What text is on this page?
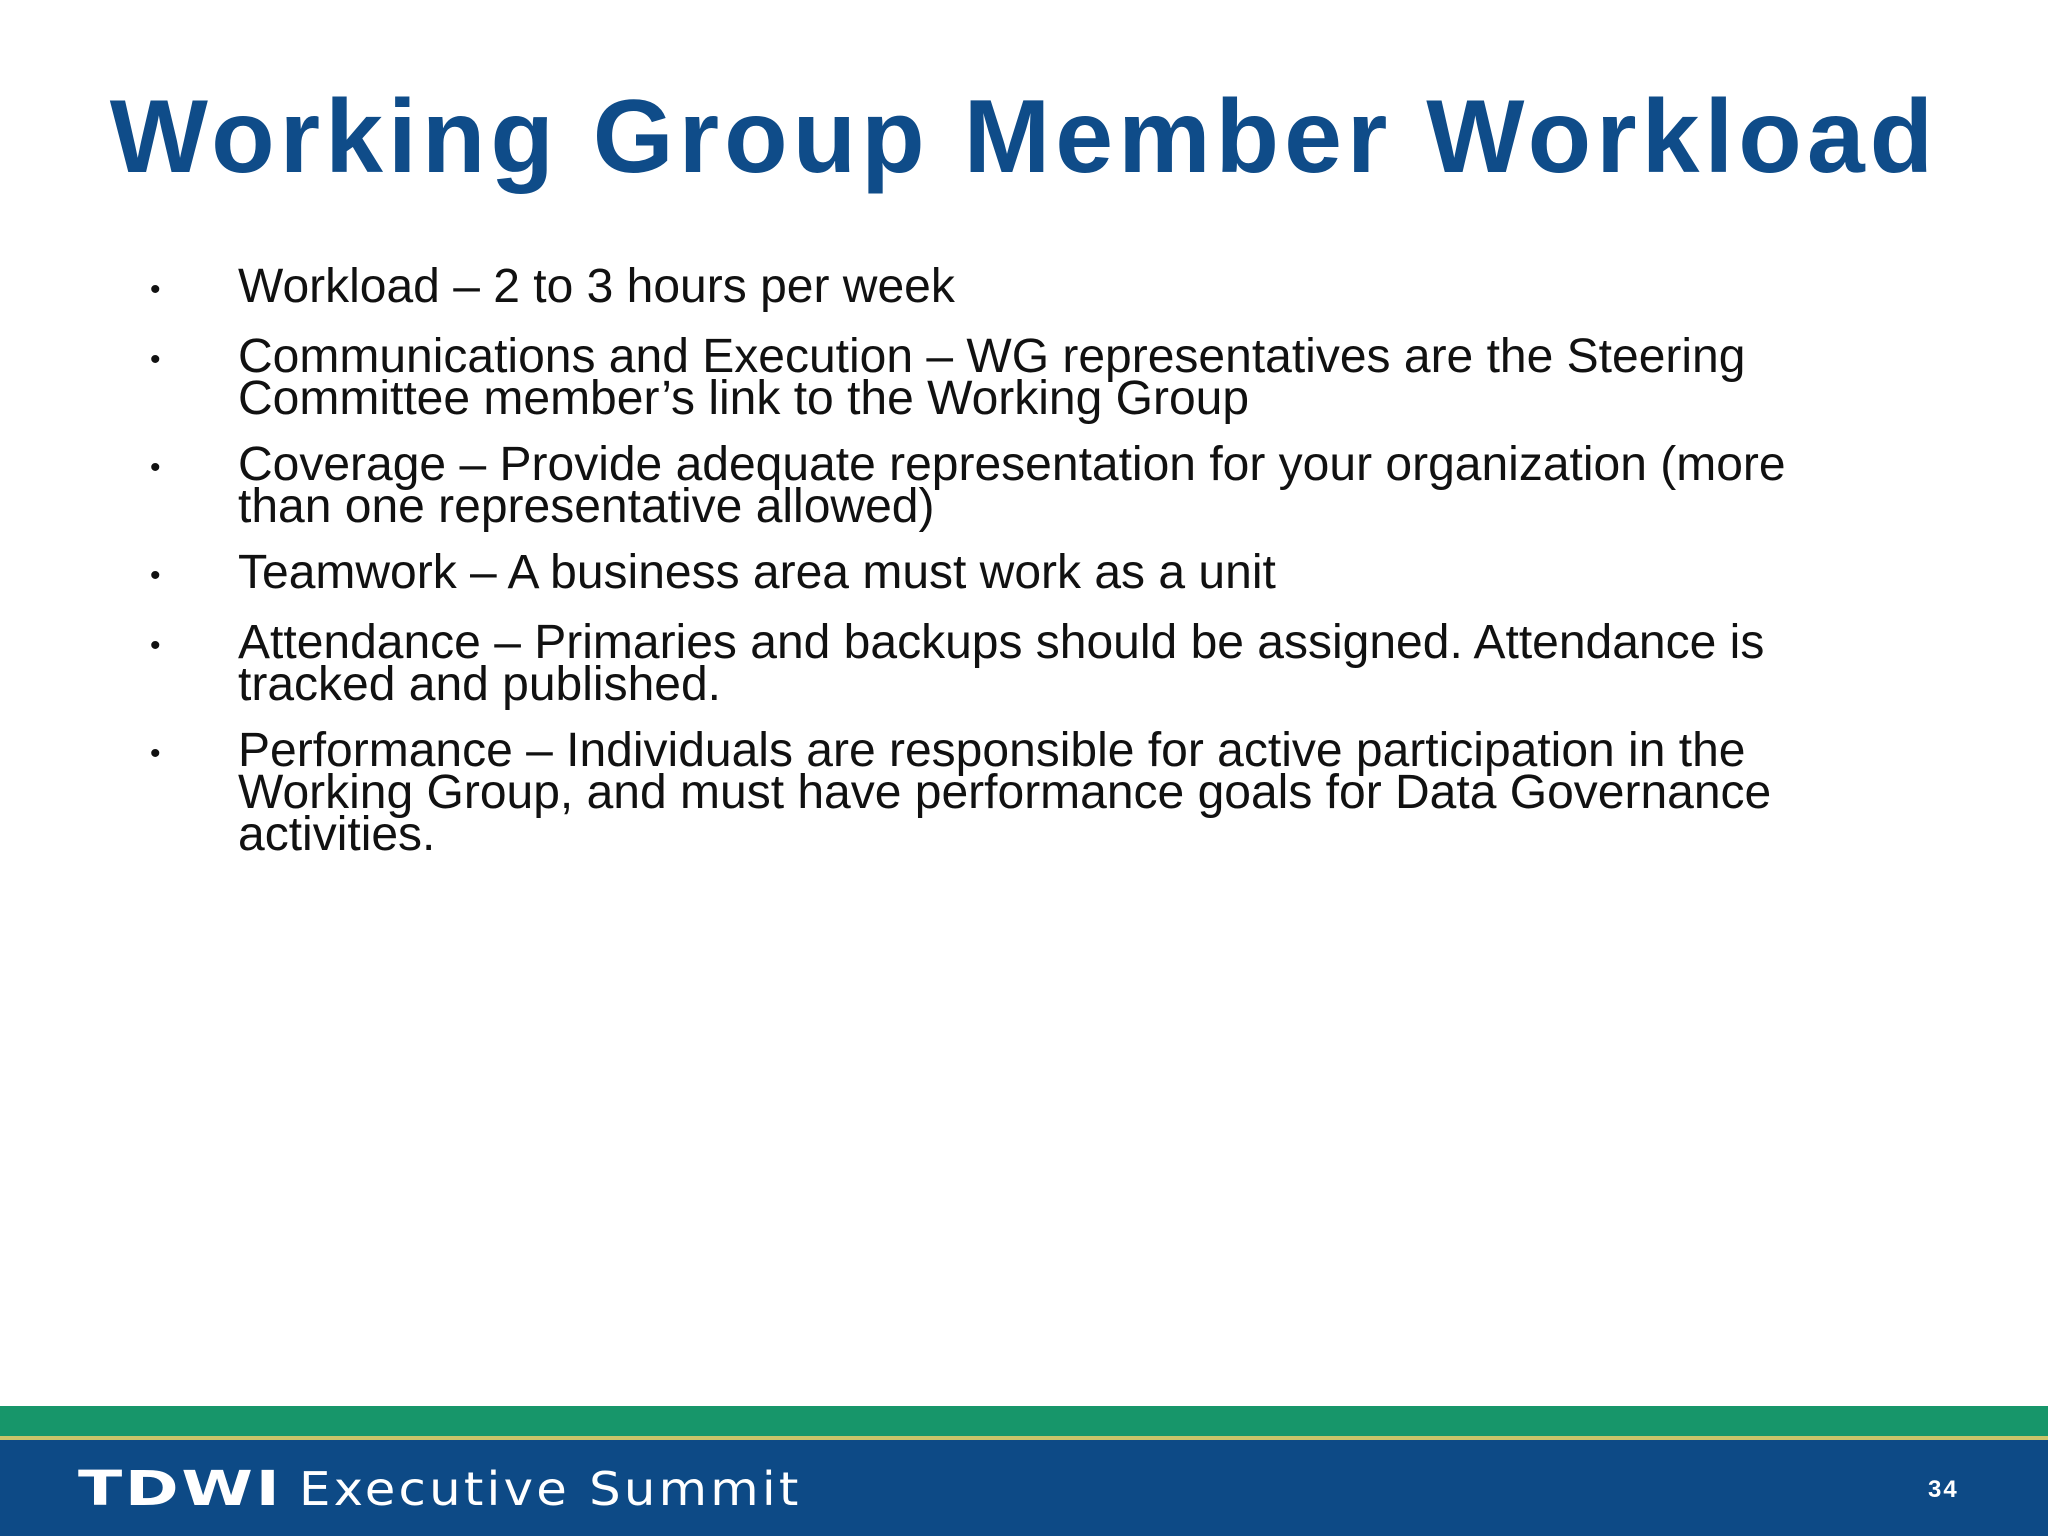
Working Group Member Workload
•	Workload – 2 to 3 hours per week
•	Communications and Execution – WG representatives are the Steering Committee member’s link to the Working Group
•	Coverage – Provide adequate representation for your organization (more than one representative allowed)
•	Teamwork – A business area must work as a unit
•	Attendance – Primaries and backups should be assigned. Attendance is tracked and published.
•	Performance – Individuals are responsible for active participation in the Working Group, and must have performance goals for Data Governance activities.
TDWI Executive Summit	34
